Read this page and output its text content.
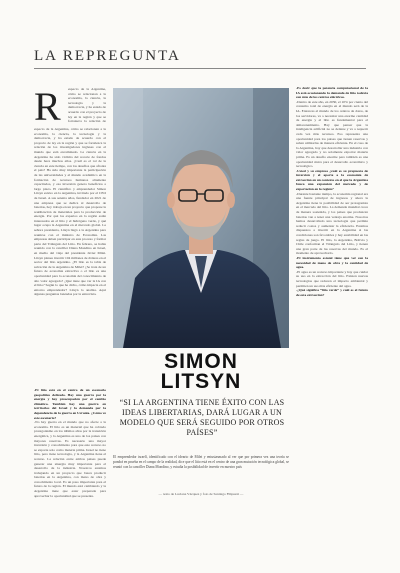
LA REPREGUNTA
R especto de la Argentina, cómo se relacionan a la economía, la ciencia, la tecnología y la democracia, y ha estado de acuerdo con el proyecto de ley en la región y que se fortalezca la relación de
especto de la Argentina, cómo se relacionan a la economía, la ciencia, la tecnología y la democracia, y ha estado de acuerdo con el proyecto de ley en la región y que se fortalezca la relación de los investigadores ingleses con el mundo que está encaminado. La ciencia en la Argentina ha sido víctima del recorte de fondos desde hace muchos años. ¿Cuál es el rol de la ciencia en este tiempo, con los desafíos que afronta el país? Ha sido muy importante la participación de las universidades y el mundo académico en la formación de recursos humanos altamente capacitados, y esa inversión genera beneficios a largo plazo. El científico y emprendedor Simon Litsyn estuvo en la Argentina, invitado por el CEO de Israel. A sus setenta años, fundador en 2021 de una empresa que se dedica al desarrollo de baterías, hoy trabaja en un proyecto que propone la reutilización de materiales para la producción de energía. Por qué los expertos en la región están interesados en el litio y el hidrógeno verde, y qué lugar ocupa la Argentina en el mercado global. La señora presidenta, Litsyn llegó a la Argentina para reunirse con el ministro de Economía. Las empresas deben participar en este proceso y formar parte del Triángulo del Litio. En febrero, se había reunido con la canciller Diana Mondino en Israel, en medio del viaje del presidente Javier Milei. Litsyn planea invertir 104 millones de dólares en el sector del litio argentino. ¿El litio es la tabla de salvación de la Argentina de Milei? ¿Se trata de un futuro de economía extractiva o el litio es una oportunidad para la economía del conocimiento de alto valor agregado? ¿Qué tiene que ver la IA con el litio? Según lo que ha dicho, cómo impacta en el entorno emprendedor? Litsyn lo analiza. Aquí algunas preguntas lanzadas por la entrevista.
-El litio está en el centro de un escenario geopolítico delicado. Hay una guerra por la energía y hay preocupación por el cambio climático. También hay una guerra en territorios del Israel y la demanda por la dependencia de la guerra en Ucrania. ¿Cómo ve este escenario?
-No hay guerra en el mundo que no afecte a la economía. El litio es un material que ha cobrado protagonismo en los últimos años por la transición energética, y la Argentina es uno de los países con mayores reservas. Es necesario una mayor inversión y conocimiento para que este recurso no se exporte solo como materia prima. Israel no tiene litio, pero tiene tecnología, y la Argentina tiene el recurso. La relación entre ambos países puede generar una sinergia muy importante para el desarrollo de la industria. Nosotros estamos trabajando en un proyecto que busca producir baterías en la Argentina, con mano de obra y conocimiento local. Es un paso importante para el futuro de la región. El mundo está cambiando y la Argentina tiene que estar preparada para aprovechar la oportunidad que se presenta.
SIMON
LITSYN
“SI LA ARGENTINA TIENE ÉXITO CON LAS IDEAS LIBERTARIAS, DARÁ LUGAR A UN MODELO QUE SERÁ SEGUIDO POR OTROS PAÍSES”
El emprendedor israelí, identificado con el ideario de Milei y entusiasmado al ver que por primera vez una teoría se pondrá en prueba en el campo de la realidad, dice que el litio está en el centro de una gran mutación tecnológica global, se reunió con la canciller Diana Mondino, y estudia la posibilidad de invertir en nuestro país
— texto de Luciana Vázquez y foto de Santiago Filipuzzi —
-Es decir que la potencia computacional de la IA está ocasionando la demanda de litio todavía con más de los centros eléctricos.
-Dentro de este año, en 2030, el 10% por ciento del consumo total de energía en el mundo será de la IA. Entonces el mundo de los centros de datos, de los servidores, va a necesitar una enorme cantidad de energía y el litio es fundamental para el almacenamiento. Hay que pensar que la inteligencia artificial no se detiene y va a requerir cada vez más recursos. Eso representa una oportunidad para los países que tienen reservas y saben utilizarlas de manera eficiente. En el caso de la Argentina, hay que desarrollar una industria con valor agregado y no solamente exportar materia prima. Es un desafío enorme pero también es una oportunidad única para el desarrollo económico y tecnológico.
-Usted y su empresa ¿cuál es su propuesta de inversión y el aporte a la economía de extracción en un contexto en el que la Argentina busca una expansión del mercado y de exportación en la región?
-Durante bastante tiempo, la economía regional era una fuente principal de ingresos y ahora la Argentina tiene la posibilidad de ser protagonista en el mercado del litio. La demanda mundial crece de manera sostenida, y los países que produzcan baterías van a tener una ventaja enorme. Nosotros hemos desarrollado una tecnología que permite reducir costos y aumentar la eficiencia. Estamos dispuestos a invertir en la Argentina si las condiciones son favorables y hay estabilidad en las reglas de juego. El litio, la Argentina, Bolivia y Chile conforman el Triángulo del Litio, y tienen una gran parte de las reservas del mundo. Es el momento de aprovecharlo.
-El instrumento estatal tiene que ver con la necesidad de mano de obra y la cantidad de agua.
-El agua es un recurso importante y hay que cuidar su uso en la extracción del litio. Existen nuevas tecnologías que reducen el impacto ambiental y permiten un uso más eficiente del agua.
-¿Qué significa “litio verde” y cuál es el futuro de esta extracción?
